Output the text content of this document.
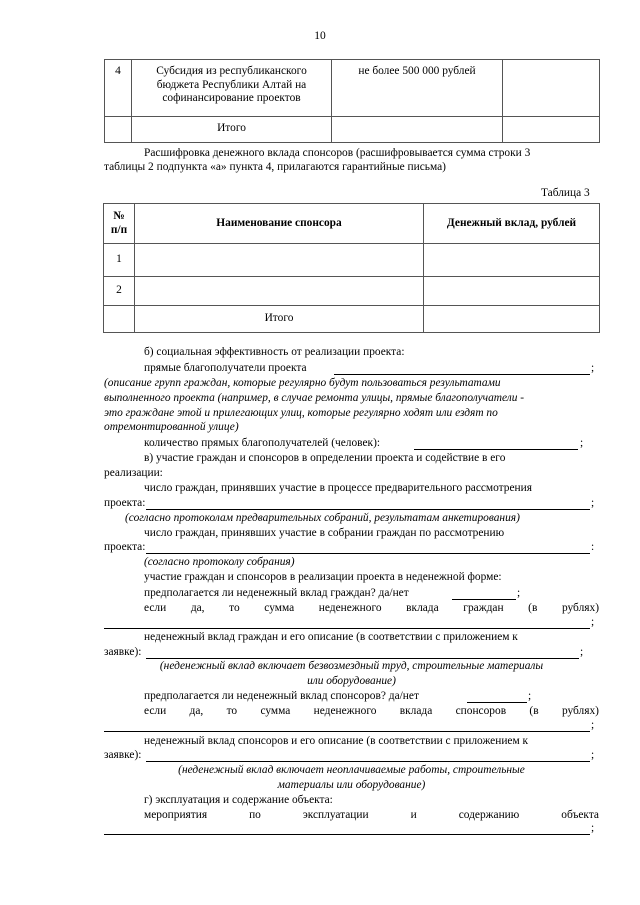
10
4	Субсидия из республиканского
бюджета Республики Алтай на
софинансирование проектов	не более 500 000 рублей	
	Итого		
Расшифровка денежного вклада спонсоров (расшифровывается сумма строки 3
таблицы 2 подпункта «а» пункта 4, прилагаются гарантийные письма)
Таблица 3
№
п/п	Наименование спонсора	Денежный вклад, рублей
1		
2		
	Итого	
б) социальная эффективность от реализации проекта:
прямые благополучатели проекта	;
(описание групп граждан, которые регулярно будут пользоваться результатами
выполненного проекта (например, в случае ремонта улицы, прямые благополучатели -
это граждане этой и прилегающих улиц, которые регулярно ходят или ездят по
отремонтированной улице)
количество прямых благополучателей (человек):	;
в) участие граждан и спонсоров в определении проекта и содействие в его
реализации:
число граждан, принявших участие в процессе предварительного рассмотрения
проекта:	;
(согласно протоколам предварительных собраний, результатам анкетирования)
число граждан, принявших участие в собрании граждан по рассмотрению
проекта:	:
(согласно протоколу собрания)
участие граждан и спонсоров в реализации проекта в неденежной форме:
предполагается ли неденежный вклад граждан? да/нет	;
если да, то сумма неденежного вклада граждан (в рублях)
;
неденежный вклад граждан и его описание (в соответствии с приложением к
заявке):	;
(неденежный вклад включает безвозмездный труд, строительные материалы
или оборудование)
предполагается ли неденежный вклад спонсоров? да/нет	;
если да, то сумма неденежного вклада спонсоров (в рублях)
;
неденежный вклад спонсоров и его описание (в соответствии с приложением к
заявке):	;
(неденежный вклад включает неоплачиваемые работы, строительные
материалы или оборудование)
г) эксплуатация и содержание объекта:
мероприятия	по	эксплуатации	и	содержанию	объекта
;
